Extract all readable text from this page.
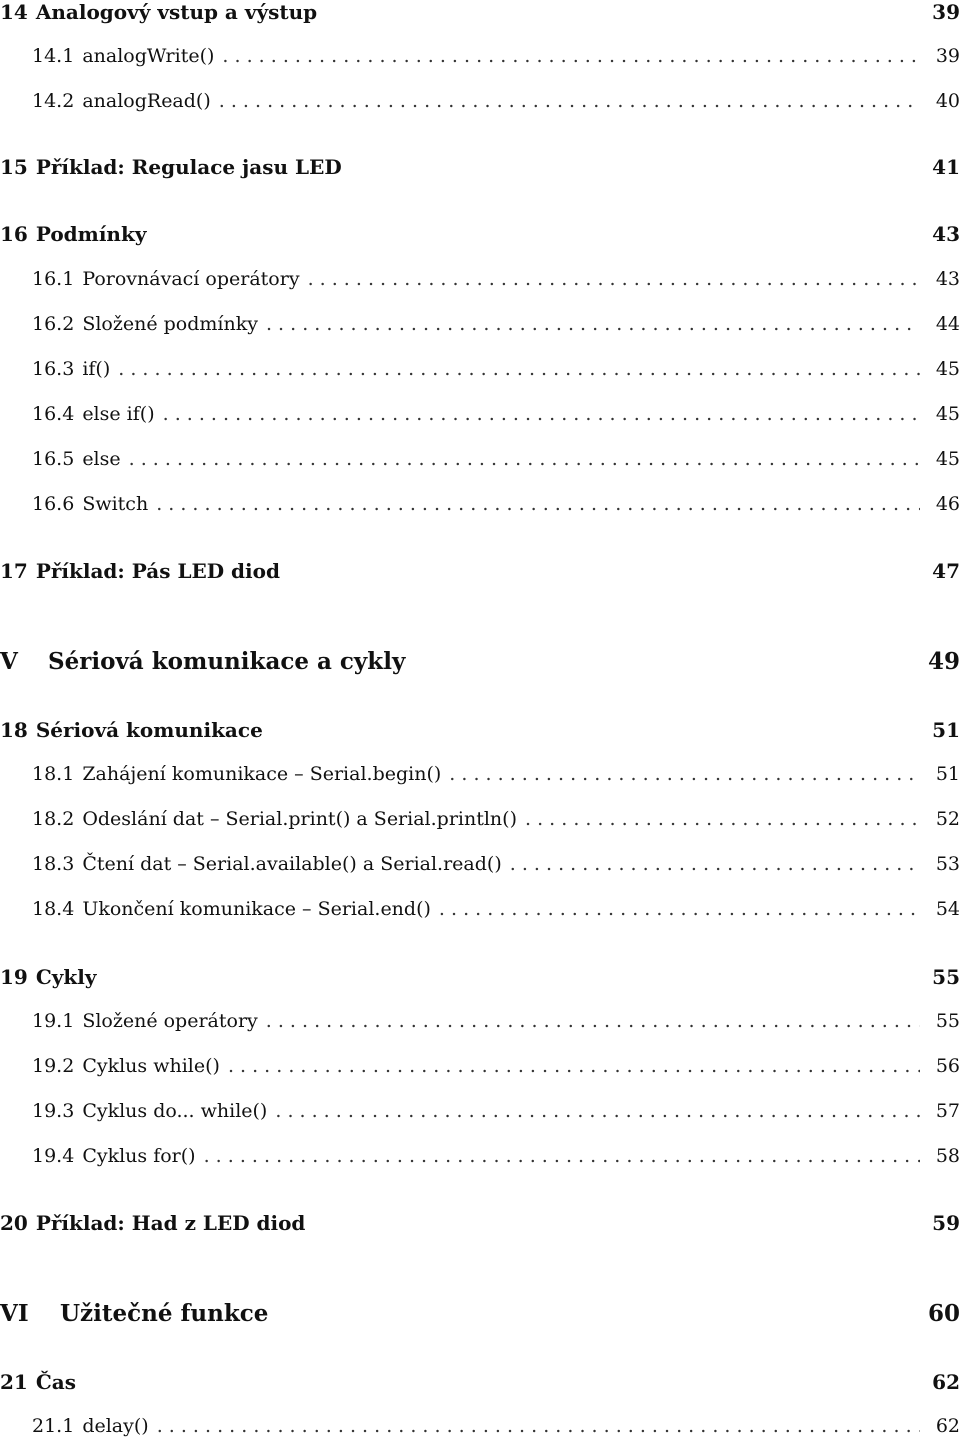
14 Analogový vstup a výstup	39
14.1 analogWrite() . . .	39
14.2 analogRead() . . .	40
15 Příklad: Regulace jasu LED	41
16 Podmínky	43
16.1 Porovnávací operátory . . .	43
16.2 Složené podmínky . . .	44
16.3 if() . . .	45
16.4 else if() . . .	45
16.5 else . . .	45
16.6 Switch . . .	46
17 Příklad: Pás LED diod	47
V	Sériová komunikace a cykly	49
18 Sériová komunikace	51
18.1 Zahájení komunikace – Serial.begin() . . .	51
18.2 Odeslání dat – Serial.print() a Serial.println() . . .	52
18.3 Čtení dat – Serial.available() a Serial.read() . . .	53
18.4 Ukončení komunikace – Serial.end() . . .	54
19 Cykly	55
19.1 Složené operátory . . .	55
19.2 Cyklus while() . . .	56
19.3 Cyklus do... while() . . .	57
19.4 Cyklus for() . . .	58
20 Příklad: Had z LED diod	59
VI	Užitečné funkce	60
21 Čas	62
21.1 delay() . . .	62
